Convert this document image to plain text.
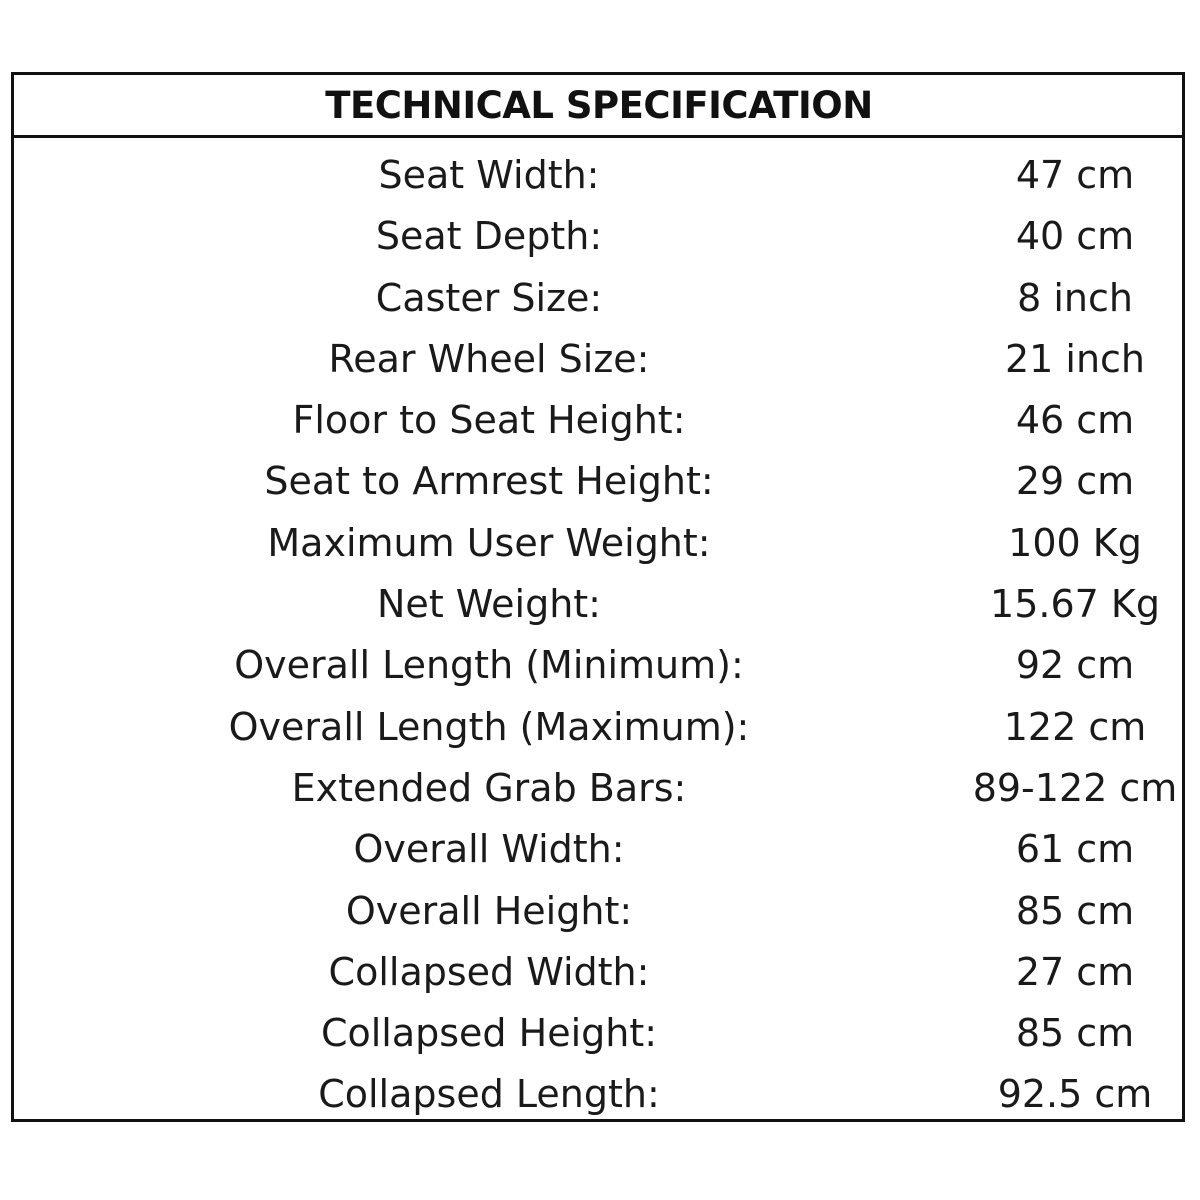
TECHNICAL SPECIFICATION
Seat Width:	47 cm
Seat Depth:	40 cm
Caster Size:	8 inch
Rear Wheel Size:	21 inch
Floor to Seat Height:	46 cm
Seat to Armrest Height:	29 cm
Maximum User Weight:	100 Kg
Net Weight:	15.67 Kg
Overall Length (Minimum):	92 cm
Overall Length (Maximum):	122 cm
Extended Grab Bars:	89-122 cm
Overall Width:	61 cm
Overall Height:	85 cm
Collapsed Width:	27 cm
Collapsed Height:	85 cm
Collapsed Length:	92.5 cm
